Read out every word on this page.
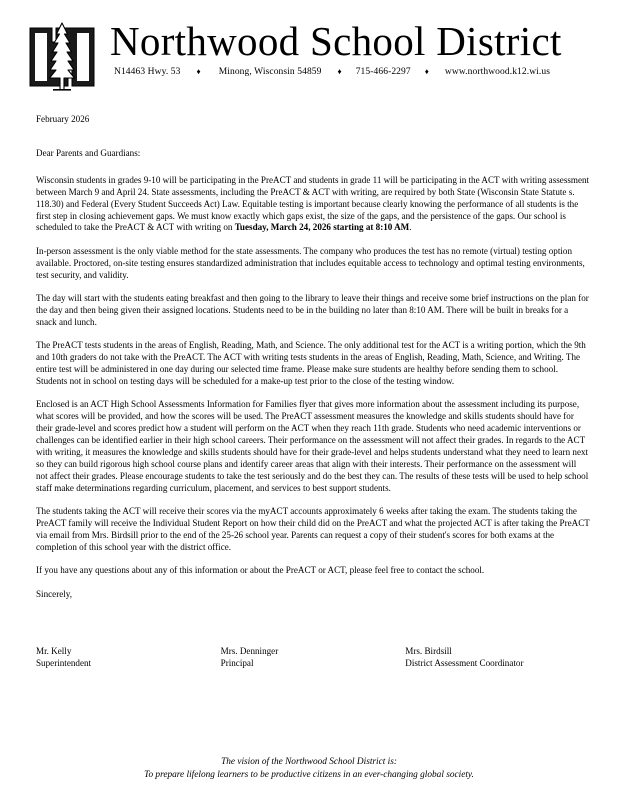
Northwood School District
N14463 Hwy. 53 ♦ Minong, Wisconsin 54859 ♦ 715-466-2297 ♦ www.northwood.k12.wi.us

February 2026

Dear Parents and Guardians:

Wisconsin students in grades 9-10 will be participating in the PreACT and students in grade 11 will be participating in the ACT with writing assessment between March 9 and April 24. State assessments, including the PreACT & ACT with writing, are required by both State (Wisconsin State Statute s. 118.30) and Federal (Every Student Succeeds Act) Law. Equitable testing is important because clearly knowing the performance of all students is the first step in closing achievement gaps. We must know exactly which gaps exist, the size of the gaps, and the persistence of the gaps. Our school is scheduled to take the PreACT & ACT with writing on Tuesday, March 24, 2026 starting at 8:10 AM.

In-person assessment is the only viable method for the state assessments. The company who produces the test has no remote (virtual) testing option available. Proctored, on-site testing ensures standardized administration that includes equitable access to technology and optimal testing environments, test security, and validity.

The day will start with the students eating breakfast and then going to the library to leave their things and receive some brief instructions on the plan for the day and then being given their assigned locations. Students need to be in the building no later than 8:10 AM. There will be built in breaks for a snack and lunch.

The PreACT tests students in the areas of English, Reading, Math, and Science. The only additional test for the ACT is a writing portion, which the 9th and 10th graders do not take with the PreACT. The ACT with writing tests students in the areas of English, Reading, Math, Science, and Writing. The entire test will be administered in one day during our selected time frame. Please make sure students are healthy before sending them to school. Students not in school on testing days will be scheduled for a make-up test prior to the close of the testing window.

Enclosed is an ACT High School Assessments Information for Families flyer that gives more information about the assessment including its purpose, what scores will be provided, and how the scores will be used. The PreACT assessment measures the knowledge and skills students should have for their grade-level and scores predict how a student will perform on the ACT when they reach 11th grade. Students who need academic interventions or challenges can be identified earlier in their high school careers. Their performance on the assessment will not affect their grades. In regards to the ACT with writing, it measures the knowledge and skills students should have for their grade-level and helps students understand what they need to learn next so they can build rigorous high school course plans and identify career areas that align with their interests. Their performance on the assessment will not affect their grades. Please encourage students to take the test seriously and do the best they can. The results of these tests will be used to help school staff make determinations regarding curriculum, placement, and services to best support students.

The students taking the ACT will receive their scores via the myACT accounts approximately 6 weeks after taking the exam. The students taking the PreACT family will receive the Individual Student Report on how their child did on the PreACT and what the projected ACT is after taking the PreACT via email from Mrs. Birdsill prior to the end of the 25-26 school year. Parents can request a copy of their student's scores for both exams at the completion of this school year with the district office.

If you have any questions about any of this information or about the PreACT or ACT, please feel free to contact the school.

Sincerely,

Mr. Kelly
Superintendent
Mrs. Denninger
Principal
Mrs. Birdsill
District Assessment Coordinator
The vision of the Northwood School District is:
To prepare lifelong learners to be productive citizens in an ever-changing global society.
